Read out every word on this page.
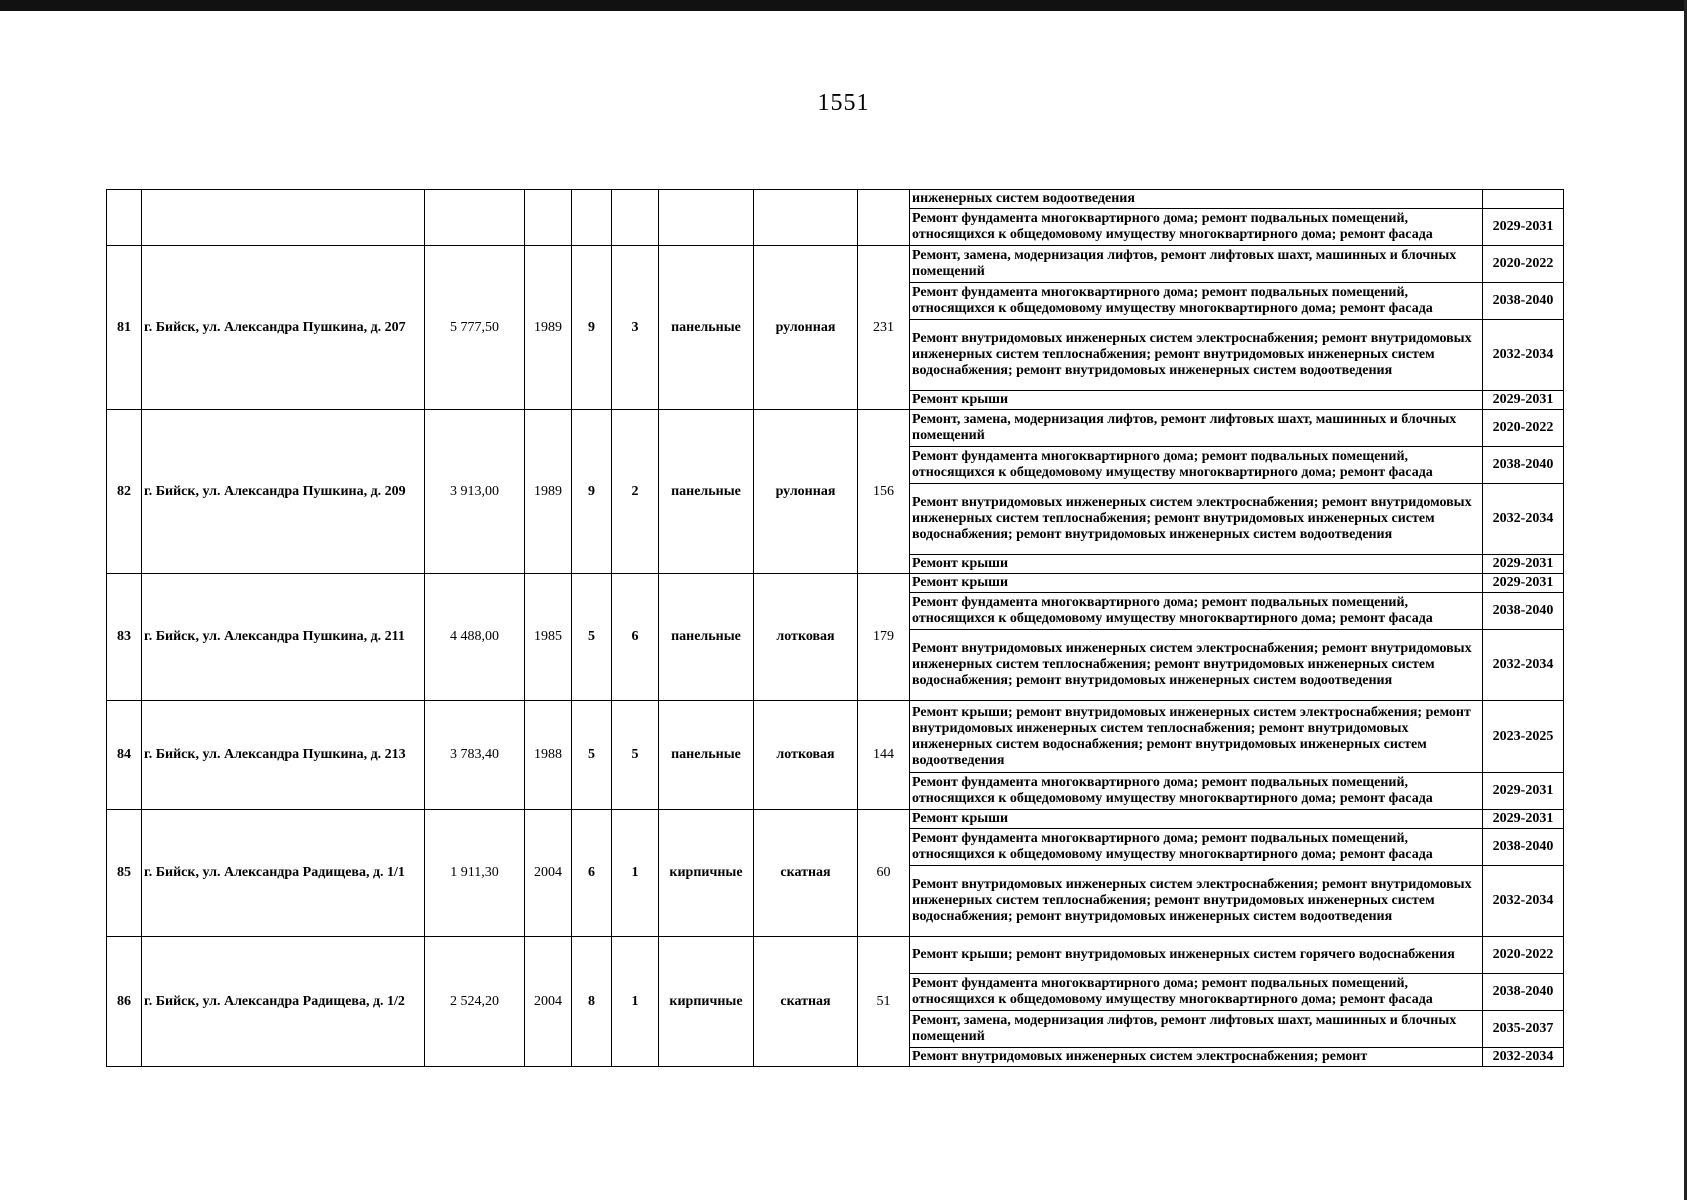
1551
									инженерных систем водоотведения	
									Ремонт фундамента многоквартирного дома; ремонт подвальных помещений, относящихся к общедомовому имуществу многоквартирного дома; ремонт фасада	2029-2031
81	г. Бийск, ул. Александра Пушкина, д. 207	5 777,50	1989	9	3	панельные	рулонная	231	Ремонт, замена, модернизация лифтов, ремонт лифтовых шахт, машинных и блочных помещений	2020-2022
									Ремонт фундамента многоквартирного дома; ремонт подвальных помещений, относящихся к общедомовому имуществу многоквартирного дома; ремонт фасада	2038-2040
									Ремонт внутридомовых инженерных систем электроснабжения; ремонт внутридомовых инженерных систем теплоснабжения; ремонт внутридомовых инженерных систем водоснабжения; ремонт внутридомовых инженерных систем водоотведения	2032-2034
									Ремонт крыши	2029-2031
82	г. Бийск, ул. Александра Пушкина, д. 209	3 913,00	1989	9	2	панельные	рулонная	156	Ремонт, замена, модернизация лифтов, ремонт лифтовых шахт, машинных и блочных помещений	2020-2022
									Ремонт фундамента многоквартирного дома; ремонт подвальных помещений, относящихся к общедомовому имуществу многоквартирного дома; ремонт фасада	2038-2040
									Ремонт внутридомовых инженерных систем электроснабжения; ремонт внутридомовых инженерных систем теплоснабжения; ремонт внутридомовых инженерных систем водоснабжения; ремонт внутридомовых инженерных систем водоотведения	2032-2034
									Ремонт крыши	2029-2031
83	г. Бийск, ул. Александра Пушкина, д. 211	4 488,00	1985	5	6	панельные	лотковая	179	Ремонт крыши	2029-2031
									Ремонт фундамента многоквартирного дома; ремонт подвальных помещений, относящихся к общедомовому имуществу многоквартирного дома; ремонт фасада	2038-2040
									Ремонт внутридомовых инженерных систем электроснабжения; ремонт внутридомовых инженерных систем теплоснабжения; ремонт внутридомовых инженерных систем водоснабжения; ремонт внутридомовых инженерных систем водоотведения	2032-2034
84	г. Бийск, ул. Александра Пушкина, д. 213	3 783,40	1988	5	5	панельные	лотковая	144	Ремонт крыши; ремонт внутридомовых инженерных систем электроснабжения; ремонт внутридомовых инженерных систем теплоснабжения; ремонт внутридомовых инженерных систем водоснабжения; ремонт внутридомовых инженерных систем водоотведения	2023-2025
									Ремонт фундамента многоквартирного дома; ремонт подвальных помещений, относящихся к общедомовому имуществу многоквартирного дома; ремонт фасада	2029-2031
85	г. Бийск, ул. Александра Радищева, д. 1/1	1 911,30	2004	6	1	кирпичные	скатная	60	Ремонт крыши	2029-2031
									Ремонт фундамента многоквартирного дома; ремонт подвальных помещений, относящихся к общедомовому имуществу многоквартирного дома; ремонт фасада	2038-2040
									Ремонт внутридомовых инженерных систем электроснабжения; ремонт внутридомовых инженерных систем теплоснабжения; ремонт внутридомовых инженерных систем водоснабжения; ремонт внутридомовых инженерных систем водоотведения	2032-2034
86	г. Бийск, ул. Александра Радищева, д. 1/2	2 524,20	2004	8	1	кирпичные	скатная	51	Ремонт крыши; ремонт внутридомовых инженерных систем горячего водоснабжения	2020-2022
									Ремонт фундамента многоквартирного дома; ремонт подвальных помещений, относящихся к общедомовому имуществу многоквартирного дома; ремонт фасада	2038-2040
									Ремонт, замена, модернизация лифтов, ремонт лифтовых шахт, машинных и блочных помещений	2035-2037
									Ремонт внутридомовых инженерных систем электроснабжения; ремонт	2032-2034
